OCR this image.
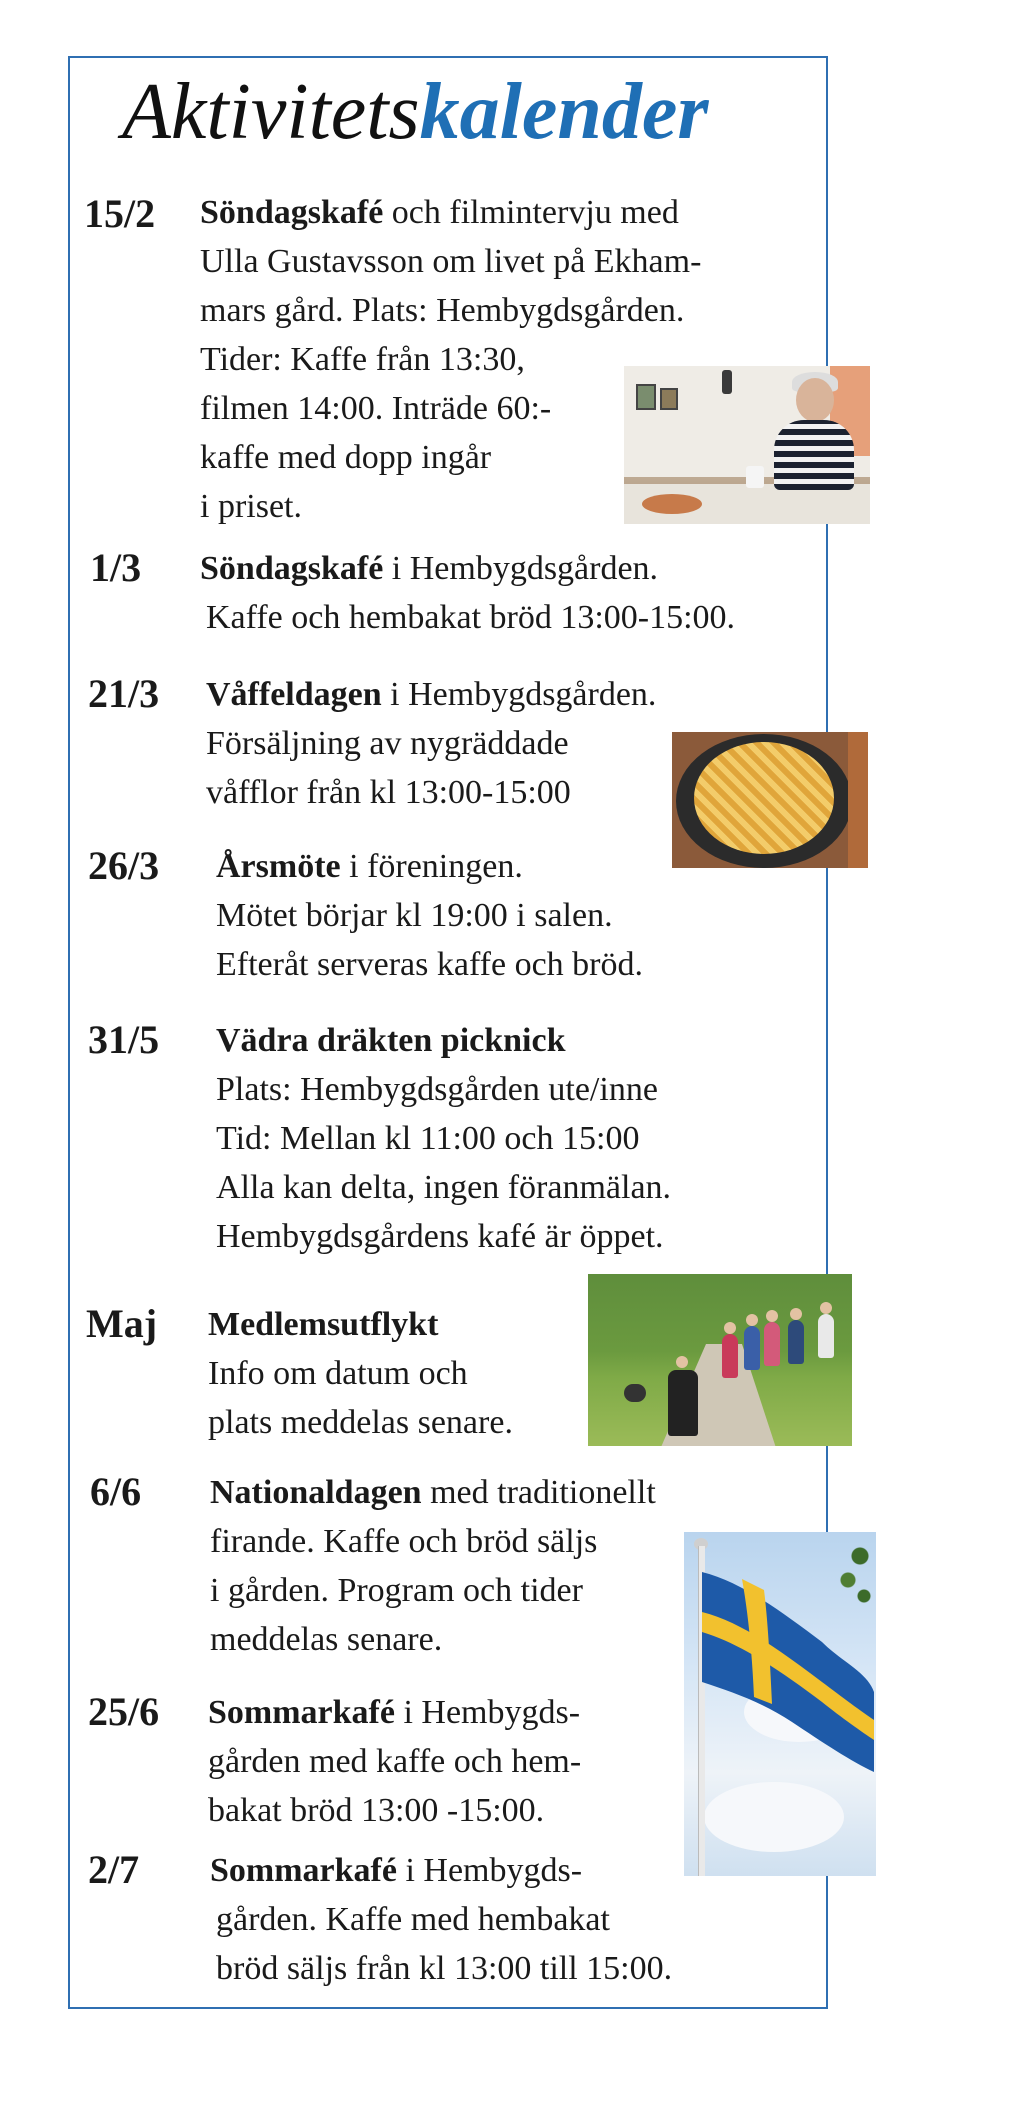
Aktivitetskalender
15/2 Söndagskafé och filmintervju med
Ulla Gustavsson om livet på Ekham-
mars gård. Plats: Hembygdsgården.
Tider: Kaffe från 13:30,
filmen 14:00. Inträde 60:-
kaffe med dopp ingår
i priset.
1/3 Söndagskafé i Hembygdsgården.
Kaffe och hembakat bröd 13:00-15:00.
21/3 Våffeldagen i Hembygdsgården.
Försäljning av nygräddade
våfflor från kl 13:00-15:00
26/3 Årsmöte i föreningen.
Mötet börjar kl 19:00 i salen.
Efteråt serveras kaffe och bröd.
31/5 Vädra dräkten picknick
Plats: Hembygdsgården ute/inne
Tid: Mellan kl 11:00 och 15:00
Alla kan delta, ingen föranmälan.
Hembygdsgårdens kafé är öppet.
Maj Medlemsutflykt
Info om datum och
plats meddelas senare.
6/6 Nationaldagen med traditionellt
firande. Kaffe och bröd säljs
i gården. Program och tider
meddelas senare.
25/6 Sommarkafé i Hembygds-
gården med kaffe och hem-
bakat bröd 13:00 -15:00.
2/7 Sommarkafé i Hembygds-
gården. Kaffe med hembakat
bröd säljs från kl 13:00 till 15:00.
